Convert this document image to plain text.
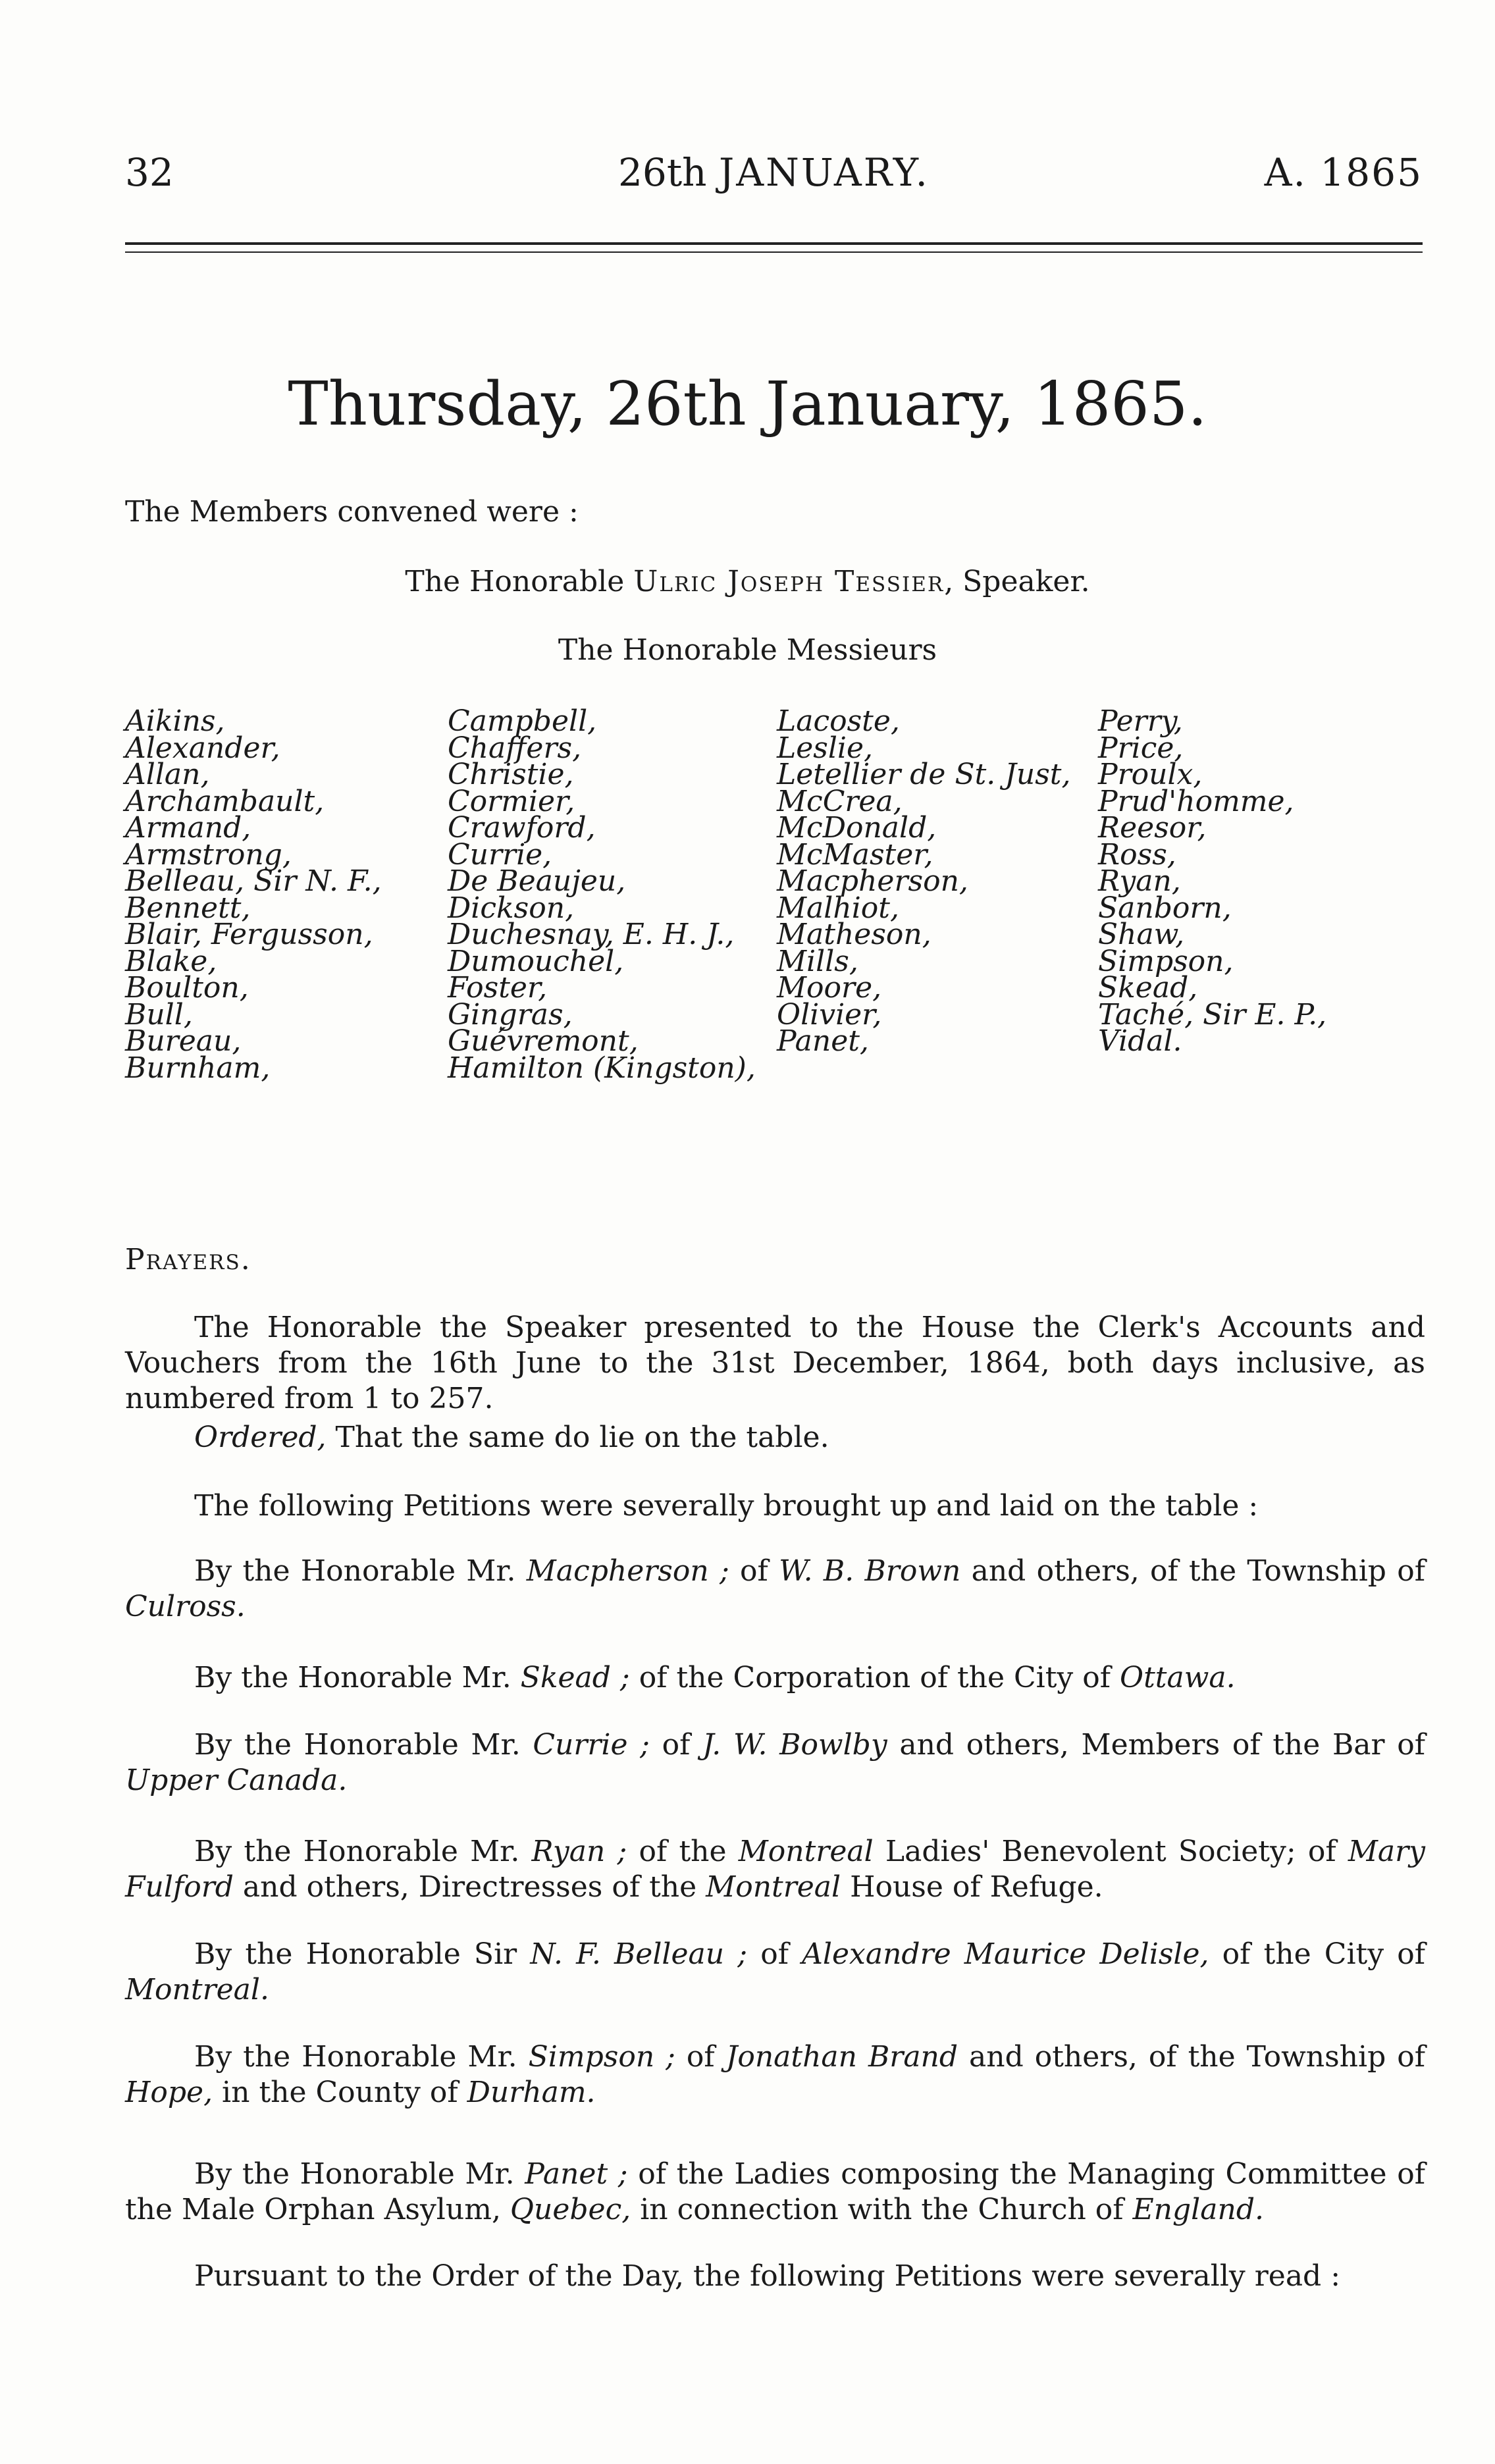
32	26th JANUARY.	A. 1865
Thursday, 26th January, 1865.
The Members convened were :
The Honorable Ulric Joseph Tessier, Speaker.
The Honorable Messieurs
Aikins,
Alexander,
Allan,
Archambault,
Armand,
Armstrong,
Belleau, Sir N. F.,
Bennett,
Blair, Fergusson,
Blake,
Boulton,
Bull,
Bureau,
Burnham,
Campbell,
Chaffers,
Christie,
Cormier,
Crawford,
Currie,
De Beaujeu,
Dickson,
Duchesnay, E. H. J.,
Dumouchel,
Foster,
Gingras,
Guévremont,
Hamilton (Kingston),
Lacoste,
Leslie,
Letellier de St. Just,
McCrea,
McDonald,
McMaster,
Macpherson,
Malhiot,
Matheson,
Mills,
Moore,
Olivier,
Panet,
Perry,
Price,
Proulx,
Prud'homme,
Reesor,
Ross,
Ryan,
Sanborn,
Shaw,
Simpson,
Skead,
Taché, Sir E. P.,
Vidal.
Prayers.
The Honorable the Speaker presented to the House the Clerk's Accounts and Vouchers from the 16th June to the 31st December, 1864, both days inclusive, as numbered from 1 to 257.
Ordered, That the same do lie on the table.
The following Petitions were severally brought up and laid on the table :
By the Honorable Mr. Macpherson ; of W. B. Brown and others, of the Township of Culross.
By the Honorable Mr. Skead ; of the Corporation of the City of Ottawa.
By the Honorable Mr. Currie ; of J. W. Bowlby and others, Members of the Bar of Upper Canada.
By the Honorable Mr. Ryan ; of the Montreal Ladies' Benevolent Society; of Mary Fulford and others, Directresses of the Montreal House of Refuge.
By the Honorable Sir N. F. Belleau ; of Alexandre Maurice Delisle, of the City of Montreal.
By the Honorable Mr. Simpson ; of Jonathan Brand and others, of the Township of Hope, in the County of Durham.
By the Honorable Mr. Panet ; of the Ladies composing the Managing Committee of the Male Orphan Asylum, Quebec, in connection with the Church of England.
Pursuant to the Order of the Day, the following Petitions were severally read :
